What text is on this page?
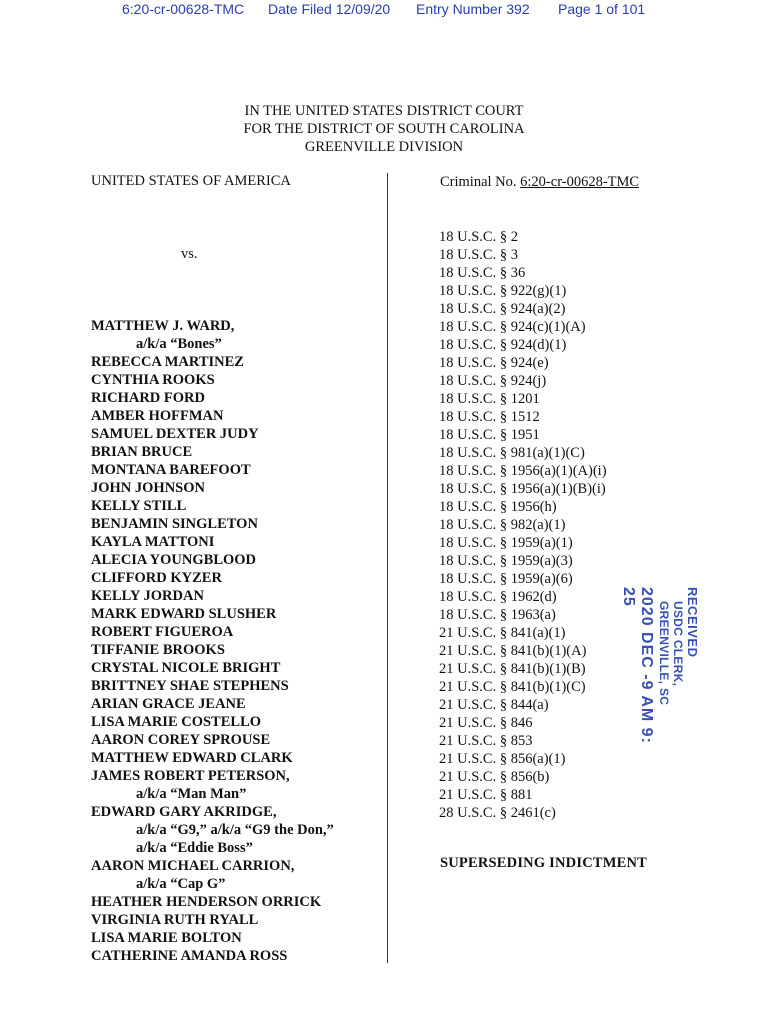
6:20-cr-00628-TMC Date Filed 12/09/20 Entry Number 392 Page 1 of 101
IN THE UNITED STATES DISTRICT COURT
FOR THE DISTRICT OF SOUTH CAROLINA
GREENVILLE DIVISION
UNITED STATES OF AMERICA	Criminal No. 6:20-cr-00628-TMC
vs.
MATTHEW J. WARD,
a/k/a “Bones”
REBECCA MARTINEZ
CYNTHIA ROOKS
RICHARD FORD
AMBER HOFFMAN
SAMUEL DEXTER JUDY
BRIAN BRUCE
MONTANA BAREFOOT
JOHN JOHNSON
KELLY STILL
BENJAMIN SINGLETON
KAYLA MATTONI
ALECIA YOUNGBLOOD
CLIFFORD KYZER
KELLY JORDAN
MARK EDWARD SLUSHER
ROBERT FIGUEROA
TIFFANIE BROOKS
CRYSTAL NICOLE BRIGHT
BRITTNEY SHAE STEPHENS
ARIAN GRACE JEANE
LISA MARIE COSTELLO
AARON COREY SPROUSE
MATTHEW EDWARD CLARK
JAMES ROBERT PETERSON,
a/k/a “Man Man”
EDWARD GARY AKRIDGE,
a/k/a “G9,” a/k/a “G9 the Don,”
a/k/a “Eddie Boss”
AARON MICHAEL CARRION,
a/k/a “Cap G”
HEATHER HENDERSON ORRICK
VIRGINIA RUTH RYALL
LISA MARIE BOLTON
CATHERINE AMANDA ROSS
18 U.S.C. § 2
18 U.S.C. § 3
18 U.S.C. § 36
18 U.S.C. § 922(g)(1)
18 U.S.C. § 924(a)(2)
18 U.S.C. § 924(c)(1)(A)
18 U.S.C. § 924(d)(1)
18 U.S.C. § 924(e)
18 U.S.C. § 924(j)
18 U.S.C. § 1201
18 U.S.C. § 1512
18 U.S.C. § 1951
18 U.S.C. § 981(a)(1)(C)
18 U.S.C. § 1956(a)(1)(A)(i)
18 U.S.C. § 1956(a)(1)(B)(i)
18 U.S.C. § 1956(h)
18 U.S.C. § 982(a)(1)
18 U.S.C. § 1959(a)(1)
18 U.S.C. § 1959(a)(3)
18 U.S.C. § 1959(a)(6)
18 U.S.C. § 1962(d)
18 U.S.C. § 1963(a)
21 U.S.C. § 841(a)(1)
21 U.S.C. § 841(b)(1)(A)
21 U.S.C. § 841(b)(1)(B)
21 U.S.C. § 841(b)(1)(C)
21 U.S.C. § 844(a)
21 U.S.C. § 846
21 U.S.C. § 853
21 U.S.C. § 856(a)(1)
21 U.S.C. § 856(b)
21 U.S.C. § 881
28 U.S.C. § 2461(c)
SUPERSEDING INDICTMENT
RECEIVED
USDC CLERK, GREENVILLE, SC
2020 DEC -9 AM 9: 25
